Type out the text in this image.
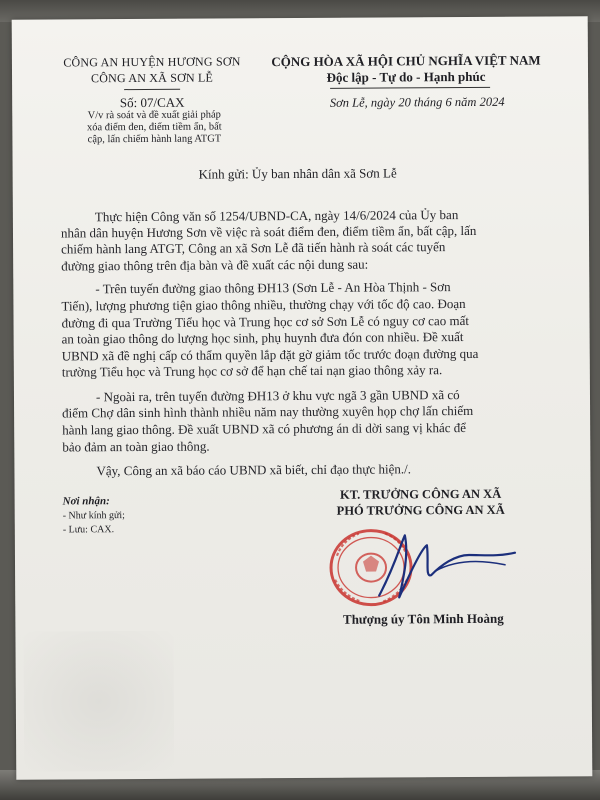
CÔNG AN HUYỆN HƯƠNG SƠN
CÔNG AN XÃ SƠN LỄ
CỘNG HÒA XÃ HỘI CHỦ NGHĨA VIỆT NAM
Độc lập - Tự do - Hạnh phúc
Số: 07/CAX
V/v rà soát và đề xuất giải pháp
xóa điểm đen, điểm tiềm ẩn, bất
cập, lấn chiếm hành lang ATGT
Sơn Lễ, ngày 20 tháng 6 năm 2024
Kính gửi: Ủy ban nhân dân xã Sơn Lễ
Thực hiện Công văn số 1254/UBND-CA, ngày 14/6/2024 của Ủy ban
nhân dân huyện Hương Sơn về việc rà soát điểm đen, điểm tiềm ẩn, bất cập, lấn
chiếm hành lang ATGT, Công an xã Sơn Lễ đã tiến hành rà soát các tuyến
đường giao thông trên địa bàn và đề xuất các nội dung sau:
- Trên tuyến đường giao thông ĐH13 (Sơn Lễ - An Hòa Thịnh - Sơn
Tiến), lượng phương tiện giao thông nhiều, thường chạy với tốc độ cao. Đoạn
đường đi qua Trường Tiểu học và Trung học cơ sở Sơn Lễ có nguy cơ cao mất
an toàn giao thông do lượng học sinh, phụ huynh đưa đón con nhiều. Đề xuất
UBND xã đề nghị cấp có thẩm quyền lắp đặt gờ giảm tốc trước đoạn đường qua
trường Tiểu học và Trung học cơ sở để hạn chế tai nạn giao thông xảy ra.
- Ngoài ra, trên tuyến đường ĐH13 ở khu vực ngã 3 gần UBND xã có
điểm Chợ dân sinh hình thành nhiều năm nay thường xuyên họp chợ lấn chiếm
hành lang giao thông. Đề xuất UBND xã có phương án di dời sang vị khác để
bảo đảm an toàn giao thông.
Vậy, Công an xã báo cáo UBND xã biết, chỉ đạo thực hiện./.
Nơi nhận:
- Như kính gửi;
- Lưu: CAX.
KT. TRƯỞNG CÔNG AN XÃ
PHÓ TRƯỞNG CÔNG AN XÃ
Thượng úy Tôn Minh Hoàng
